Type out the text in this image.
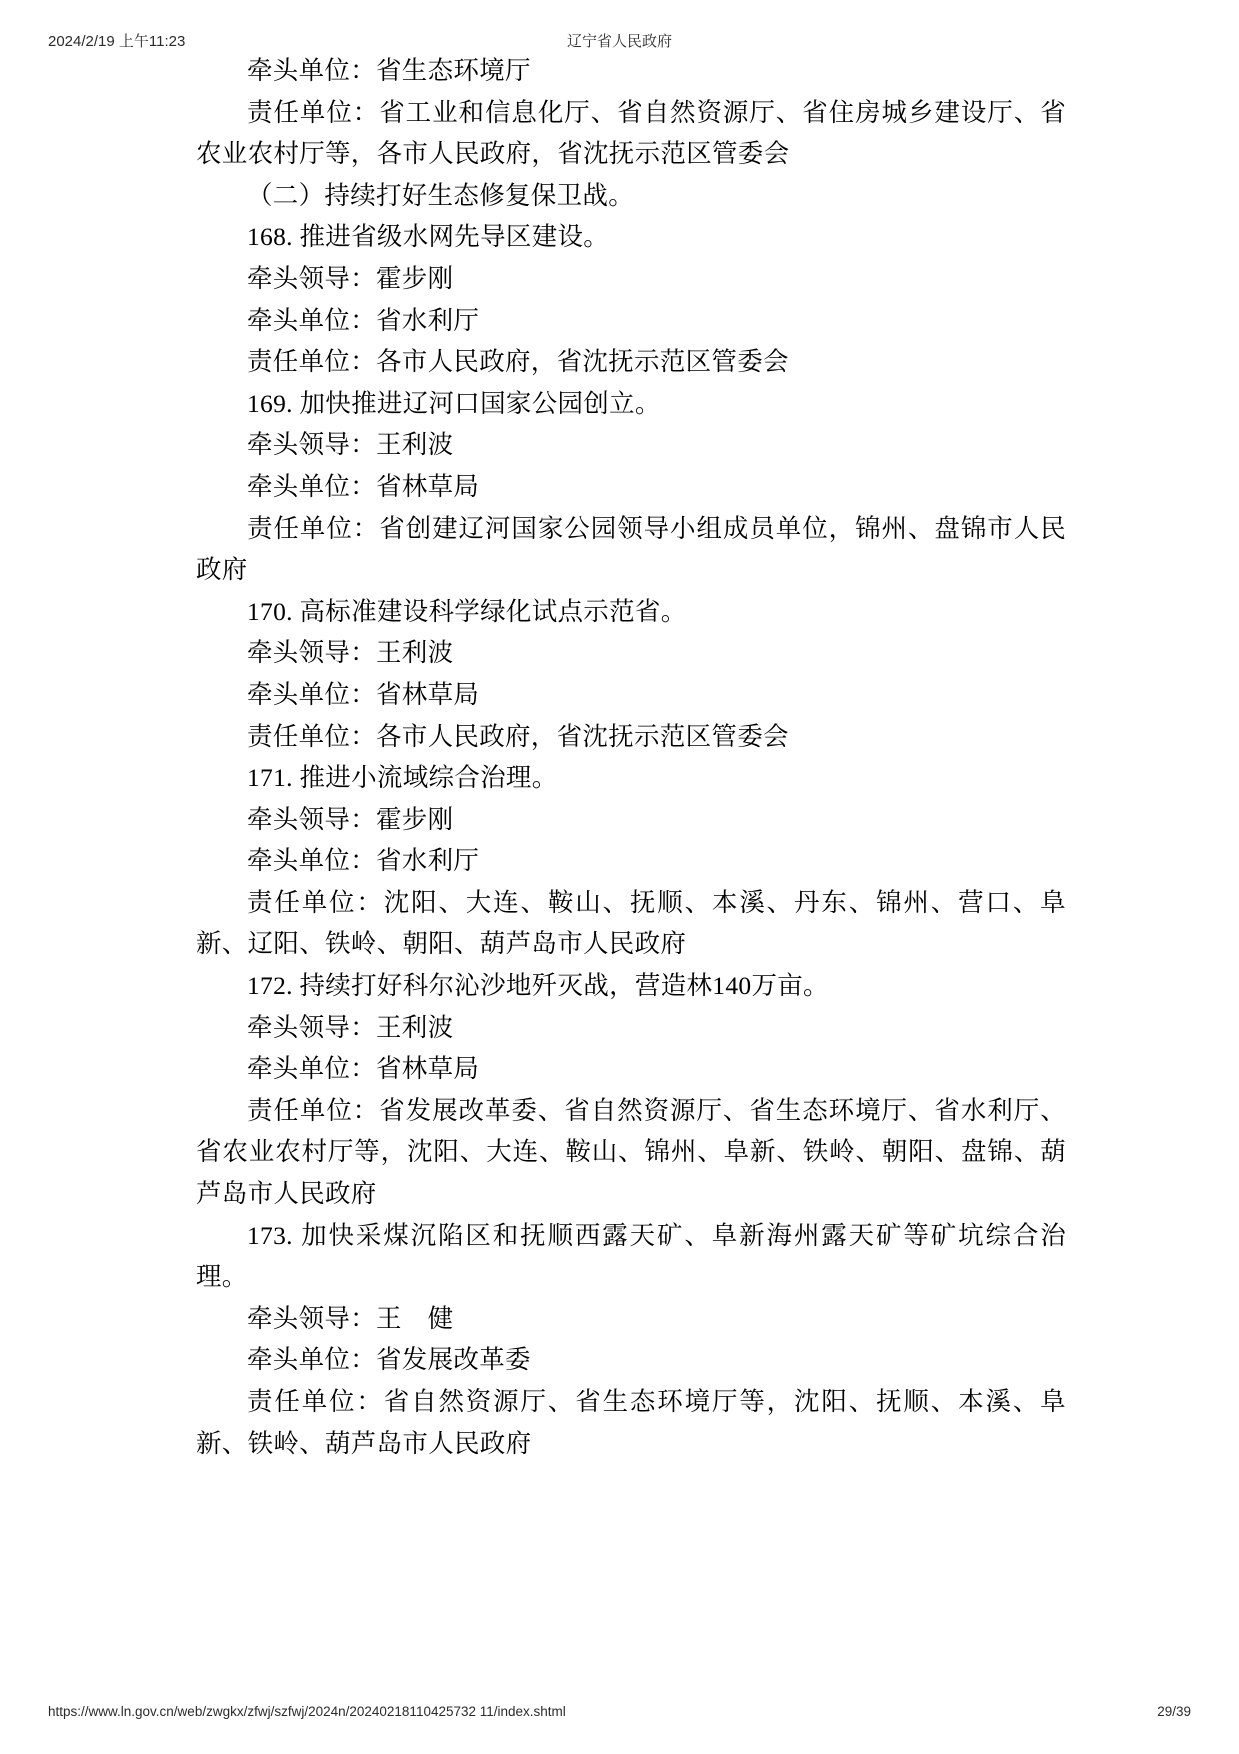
2024/2/19 上午11:23	辽宁省人民政府

牵头单位：省生态环境厅

责任单位：省工业和信息化厅、省自然资源厅、省住房城乡建设厅、省农业农村厅等，各市人民政府，省沈抚示范区管委会

（二）持续打好生态修复保卫战。

168. 推进省级水网先导区建设。

牵头领导：霍步刚

牵头单位：省水利厅

责任单位：各市人民政府，省沈抚示范区管委会

169. 加快推进辽河口国家公园创立。

牵头领导：王利波

牵头单位：省林草局

责任单位：省创建辽河国家公园领导小组成员单位，锦州、盘锦市人民政府

170. 高标准建设科学绿化试点示范省。

牵头领导：王利波

牵头单位：省林草局

责任单位：各市人民政府，省沈抚示范区管委会

171. 推进小流域综合治理。

牵头领导：霍步刚

牵头单位：省水利厅

责任单位：沈阳、大连、鞍山、抚顺、本溪、丹东、锦州、营口、阜新、辽阳、铁岭、朝阳、葫芦岛市人民政府

172. 持续打好科尔沁沙地歼灭战，营造林140万亩。

牵头领导：王利波

牵头单位：省林草局

责任单位：省发展改革委、省自然资源厅、省生态环境厅、省水利厅、省农业农村厅等，沈阳、大连、鞍山、锦州、阜新、铁岭、朝阳、盘锦、葫芦岛市人民政府

173. 加快采煤沉陷区和抚顺西露天矿、阜新海州露天矿等矿坑综合治理。

牵头领导：王　健

牵头单位：省发展改革委

责任单位：省自然资源厅、省生态环境厅等，沈阳、抚顺、本溪、阜新、铁岭、葫芦岛市人民政府

https://www.ln.gov.cn/web/zwgkx/zfwj/szfwj/2024n/20240218110425732 11/index.shtml	29/39
